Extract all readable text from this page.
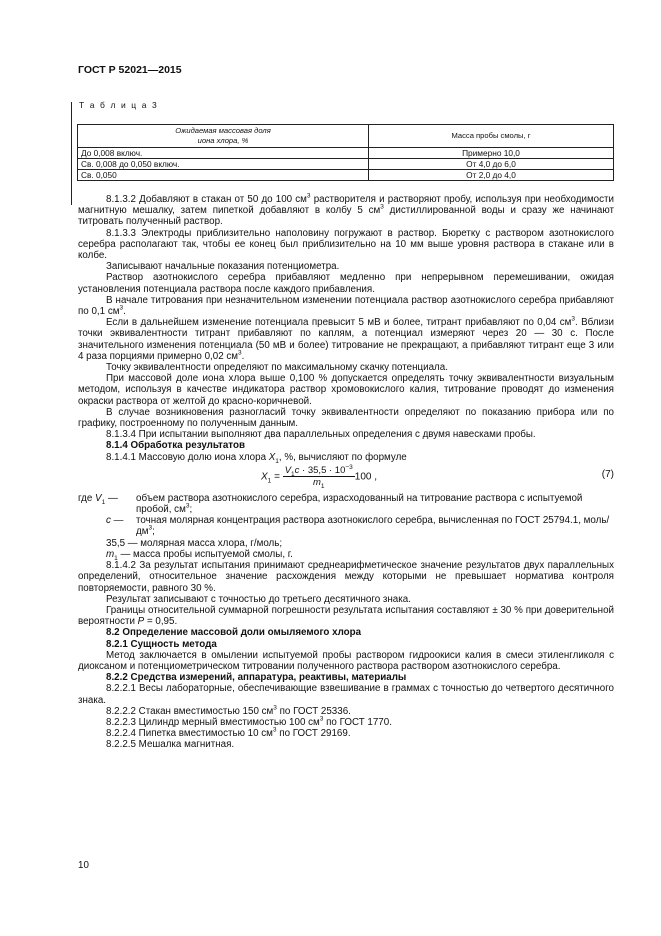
ГОСТ Р 52021—2015
Т а б л и ц а 3
Ожидаемая массовая доля
иона хлора, %	Масса пробы смолы, г
До 0,008 включ.	Примерно 10,0
Св. 0,008 до 0,050 включ.	От 4,0 до 6,0
Св. 0,050	От 2,0 до 4,0

8.1.3.2 Добавляют в стакан от 50 до 100 $см^3$ растворителя и растворяют пробу, используя при необходимости магнитную мешалку, затем пипеткой добавляют в колбу 5 $см^3$ дистиллированной воды и сразу же начинают титровать полученный раствор.

8.1.3.3 Электроды приблизительно наполовину погружают в раствор. Бюретку с раствором азотнокислого серебра располагают так, чтобы ее конец был приблизительно на 10 мм выше уровня раствора в стакане или в колбе.

Записывают начальные показания потенциометра.

Раствор азотнокислого серебра прибавляют медленно при непрерывном перемешивании, ожидая установления потенциала раствора после каждого прибавления.

В начале титрования при незначительном изменении потенциала раствор азотнокислого серебра прибавляют по 0,1 $см^3$.

Если в дальнейшем изменение потенциала превысит 5 мВ и более, титрант прибавляют по 0,04 $см^3$. Вблизи точки эквивалентности титрант прибавляют по каплям, а потенциал измеряют через 20 — 30 с. После значительного изменения потенциала (50 мВ и более) титрование не прекращают, а прибавляют титрант еще 3 или 4 раза порциями примерно 0,02 $см^3$.

Точку эквивалентности определяют по максимальному скачку потенциала.

При массовой доле иона хлора выше 0,100 % допускается определять точку эквивалентности визуальным методом, используя в качестве индикатора раствор хромовокислого калия, титрование проводят до изменения окраски раствора от желтой до красно-коричневой.

В случае возникновения разногласий точку эквивалентности определяют по показанию прибора или по графику, построенному по полученным данным.

8.1.3.4 При испытании выполняют два параллельных определения с двумя навесками пробы.

8.1.4 Обработка результатов

8.1.4.1 Массовую долю иона хлора $X_1$, %, вычисляют по формуле

$X_1 = \frac{V_1c \cdot 35,5 \cdot 10^{-3}}{m_1} 100$ ,	(7)
где $V_1$ —	объем раствора азотнокислого серебра, израсходованный на титрование раствора с испытуемой пробой, $см^3$;
c —	точная молярная концентрация раствора азотнокислого серебра, вычисленная по ГОСТ 25794.1, моль/$дм^3$;

35,5 — молярная масса хлора, г/моль;

$m_1$ — масса пробы испытуемой смолы, г.

8.1.4.2 За результат испытания принимают среднеарифметическое значение результатов двух параллельных определений, относительное значение расхождения между которыми не превышает норматива контроля повторяемости, равного 30 %.

Результат записывают с точностью до третьего десятичного знака.

Границы относительной суммарной погрешности результата испытания составляют ± 30 % при доверительной вероятности P = 0,95.

8.2 Определение массовой доли омыляемого хлора

8.2.1 Сущность метода

Метод заключается в омылении испытуемой пробы раствором гидроокиси калия в смеси этиленгликоля с диоксаном и потенциометрическом титровании полученного раствора раствором азотнокислого серебра.

8.2.2 Средства измерений, аппаратура, реактивы, материалы

8.2.2.1 Весы лабораторные, обеспечивающие взвешивание в граммах с точностью до четвертого десятичного знака.

8.2.2.2 Стакан вместимостью 150 $см^3$ по ГОСТ 25336.

8.2.2.3 Цилиндр мерный вместимостью 100 $см^3$ по ГОСТ 1770.

8.2.2.4 Пипетка вместимостью 10 $см^3$ по ГОСТ 29169.

8.2.2.5 Мешалка магнитная.

10
